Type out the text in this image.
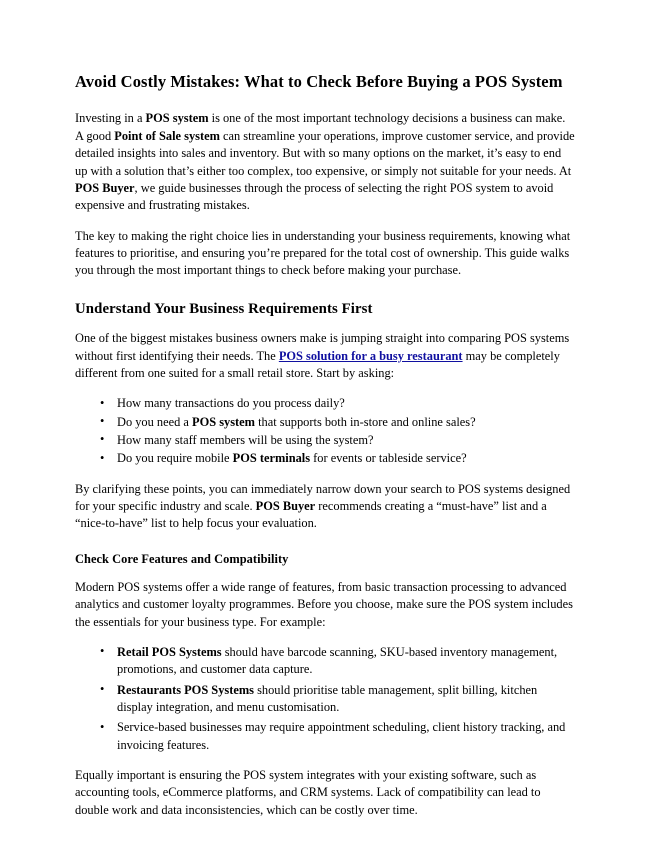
Avoid Costly Mistakes: What to Check Before Buying a POS System

Investing in a POS system is one of the most important technology decisions a business can make. A good Point of Sale system can streamline your operations, improve customer service, and provide detailed insights into sales and inventory. But with so many options on the market, it’s easy to end up with a solution that’s either too complex, too expensive, or simply not suitable for your needs. At POS Buyer, we guide businesses through the process of selecting the right POS system to avoid expensive and frustrating mistakes.

The key to making the right choice lies in understanding your business requirements, knowing what features to prioritise, and ensuring you’re prepared for the total cost of ownership. This guide walks you through the most important things to check before making your purchase.

Understand Your Business Requirements First

One of the biggest mistakes business owners make is jumping straight into comparing POS systems without first identifying their needs. The POS solution for a busy restaurant may be completely different from one suited for a small retail store. Start by asking:

• How many transactions do you process daily?
• Do you need a POS system that supports both in-store and online sales?
• How many staff members will be using the system?
• Do you require mobile POS terminals for events or tableside service?

By clarifying these points, you can immediately narrow down your search to POS systems designed for your specific industry and scale. POS Buyer recommends creating a “must-have” list and a “nice-to-have” list to help focus your evaluation.

Check Core Features and Compatibility

Modern POS systems offer a wide range of features, from basic transaction processing to advanced analytics and customer loyalty programmes. Before you choose, make sure the POS system includes the essentials for your business type. For example:

• Retail POS Systems should have barcode scanning, SKU-based inventory management, promotions, and customer data capture.
• Restaurants POS Systems should prioritise table management, split billing, kitchen display integration, and menu customisation.
• Service-based businesses may require appointment scheduling, client history tracking, and invoicing features.

Equally important is ensuring the POS system integrates with your existing software, such as accounting tools, eCommerce platforms, and CRM systems. Lack of compatibility can lead to double work and data inconsistencies, which can be costly over time.
